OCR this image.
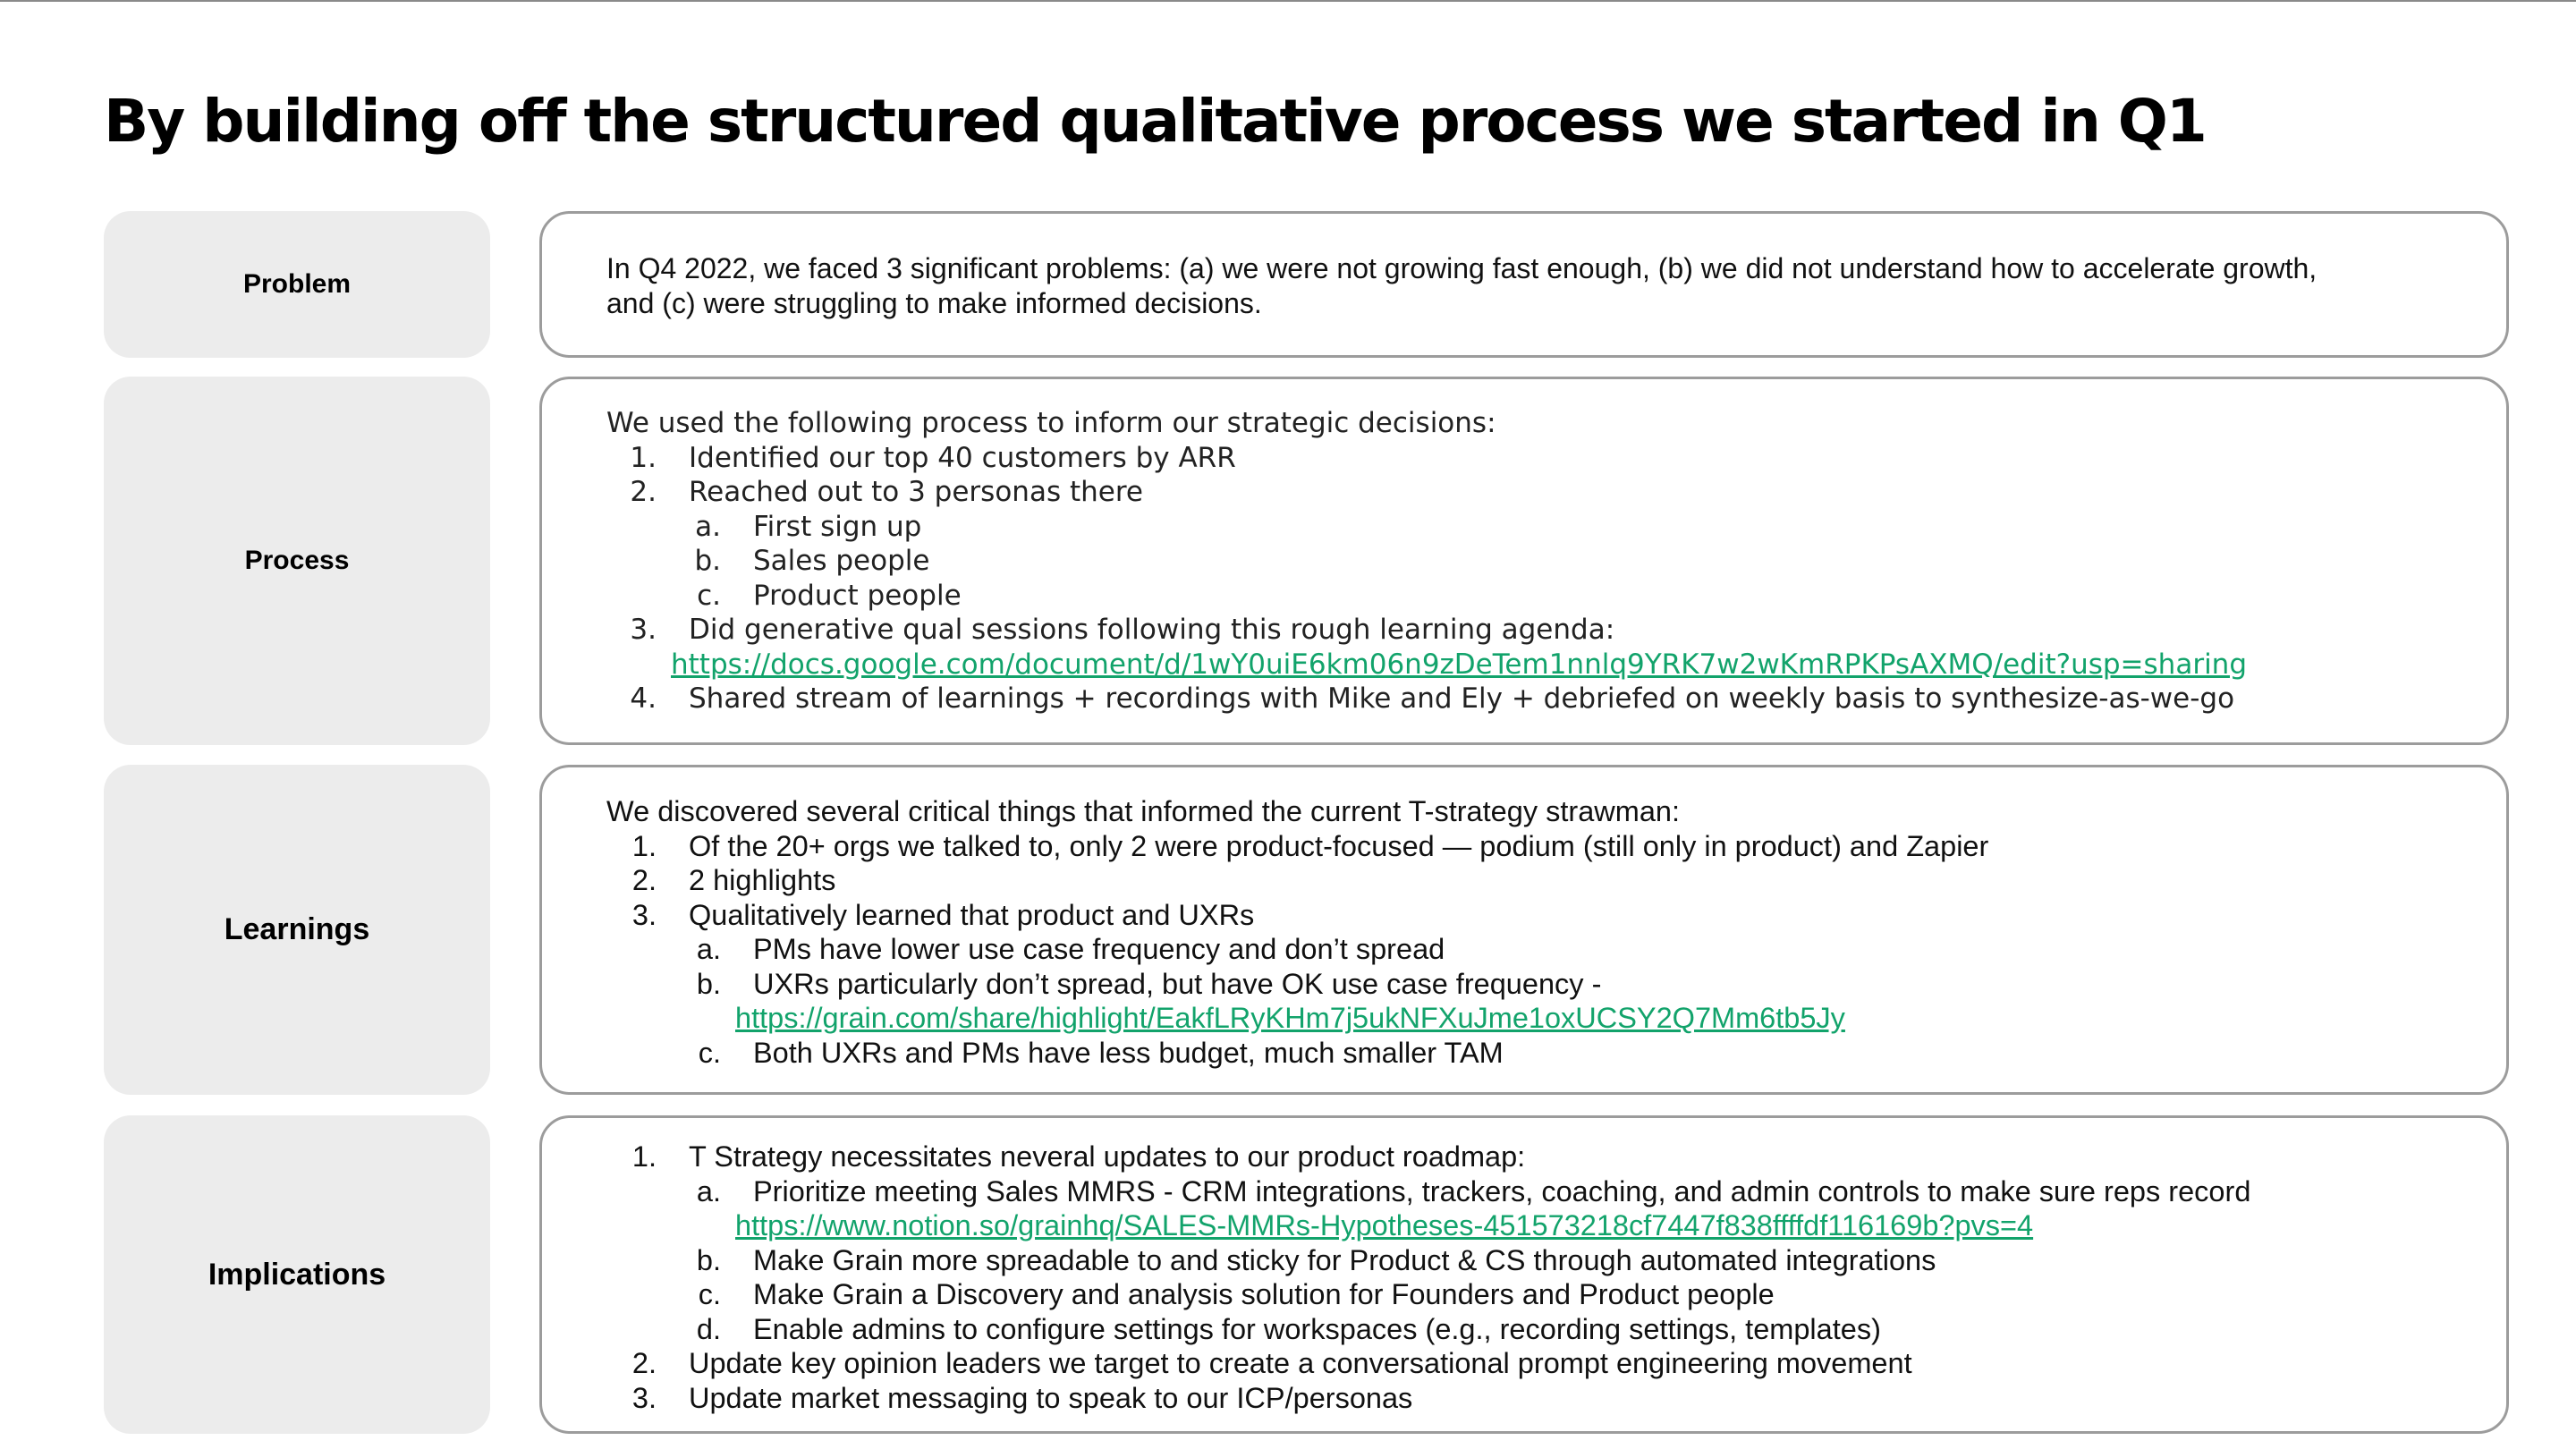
By building off the structured qualitative process we started in Q1
Problem	In Q4 2022, we faced 3 significant problems: (a) we were not growing fast enough, (b) we did not understand how to accelerate growth,

and (c) were struggling to make informed decisions.

Process

We used the following process to inform our strategic decisions:

1. Identified our top 40 customers by ARR
2. Reached out to 3 personas there
a. First sign up
b. Sales people
c. Product people
3. Did generative qual sessions following this rough learning agenda:
https://docs.google.com/document/d/1wY0uiE6km06n9zDeTem1nnlq9YRK7w2wKmRPKPsAXMQ/edit?usp=sharing
4. Shared stream of learnings + recordings with Mike and Ely + debriefed on weekly basis to synthesize-as-we-go
Learnings

We discovered several critical things that informed the current T-strategy strawman:

1. Of the 20+ orgs we talked to, only 2 were product-focused — podium (still only in product) and Zapier
2. 2 highlights
3. Qualitatively learned that product and UXRs
a. PMs have lower use case frequency and don’t spread
b. UXRs particularly don’t spread, but have OK use case frequency -
https://grain.com/share/highlight/EakfLRyKHm7j5ukNFXuJme1oxUCSY2Q7Mm6tb5Jy
c. Both UXRs and PMs have less budget, much smaller TAM
Implications
1. T Strategy necessitates neveral updates to our product roadmap:
a. Prioritize meeting Sales MMRS - CRM integrations, trackers, coaching, and admin controls to make sure reps record
https://www.notion.so/grainhq/SALES-MMRs-Hypotheses-451573218cf7447f838ffffdf116169b?pvs=4
b. Make Grain more spreadable to and sticky for Product & CS through automated integrations
c. Make Grain a Discovery and analysis solution for Founders and Product people
d. Enable admins to configure settings for workspaces (e.g., recording settings, templates)
2. Update key opinion leaders we target to create a conversational prompt engineering movement
3. Update market messaging to speak to our ICP/personas
